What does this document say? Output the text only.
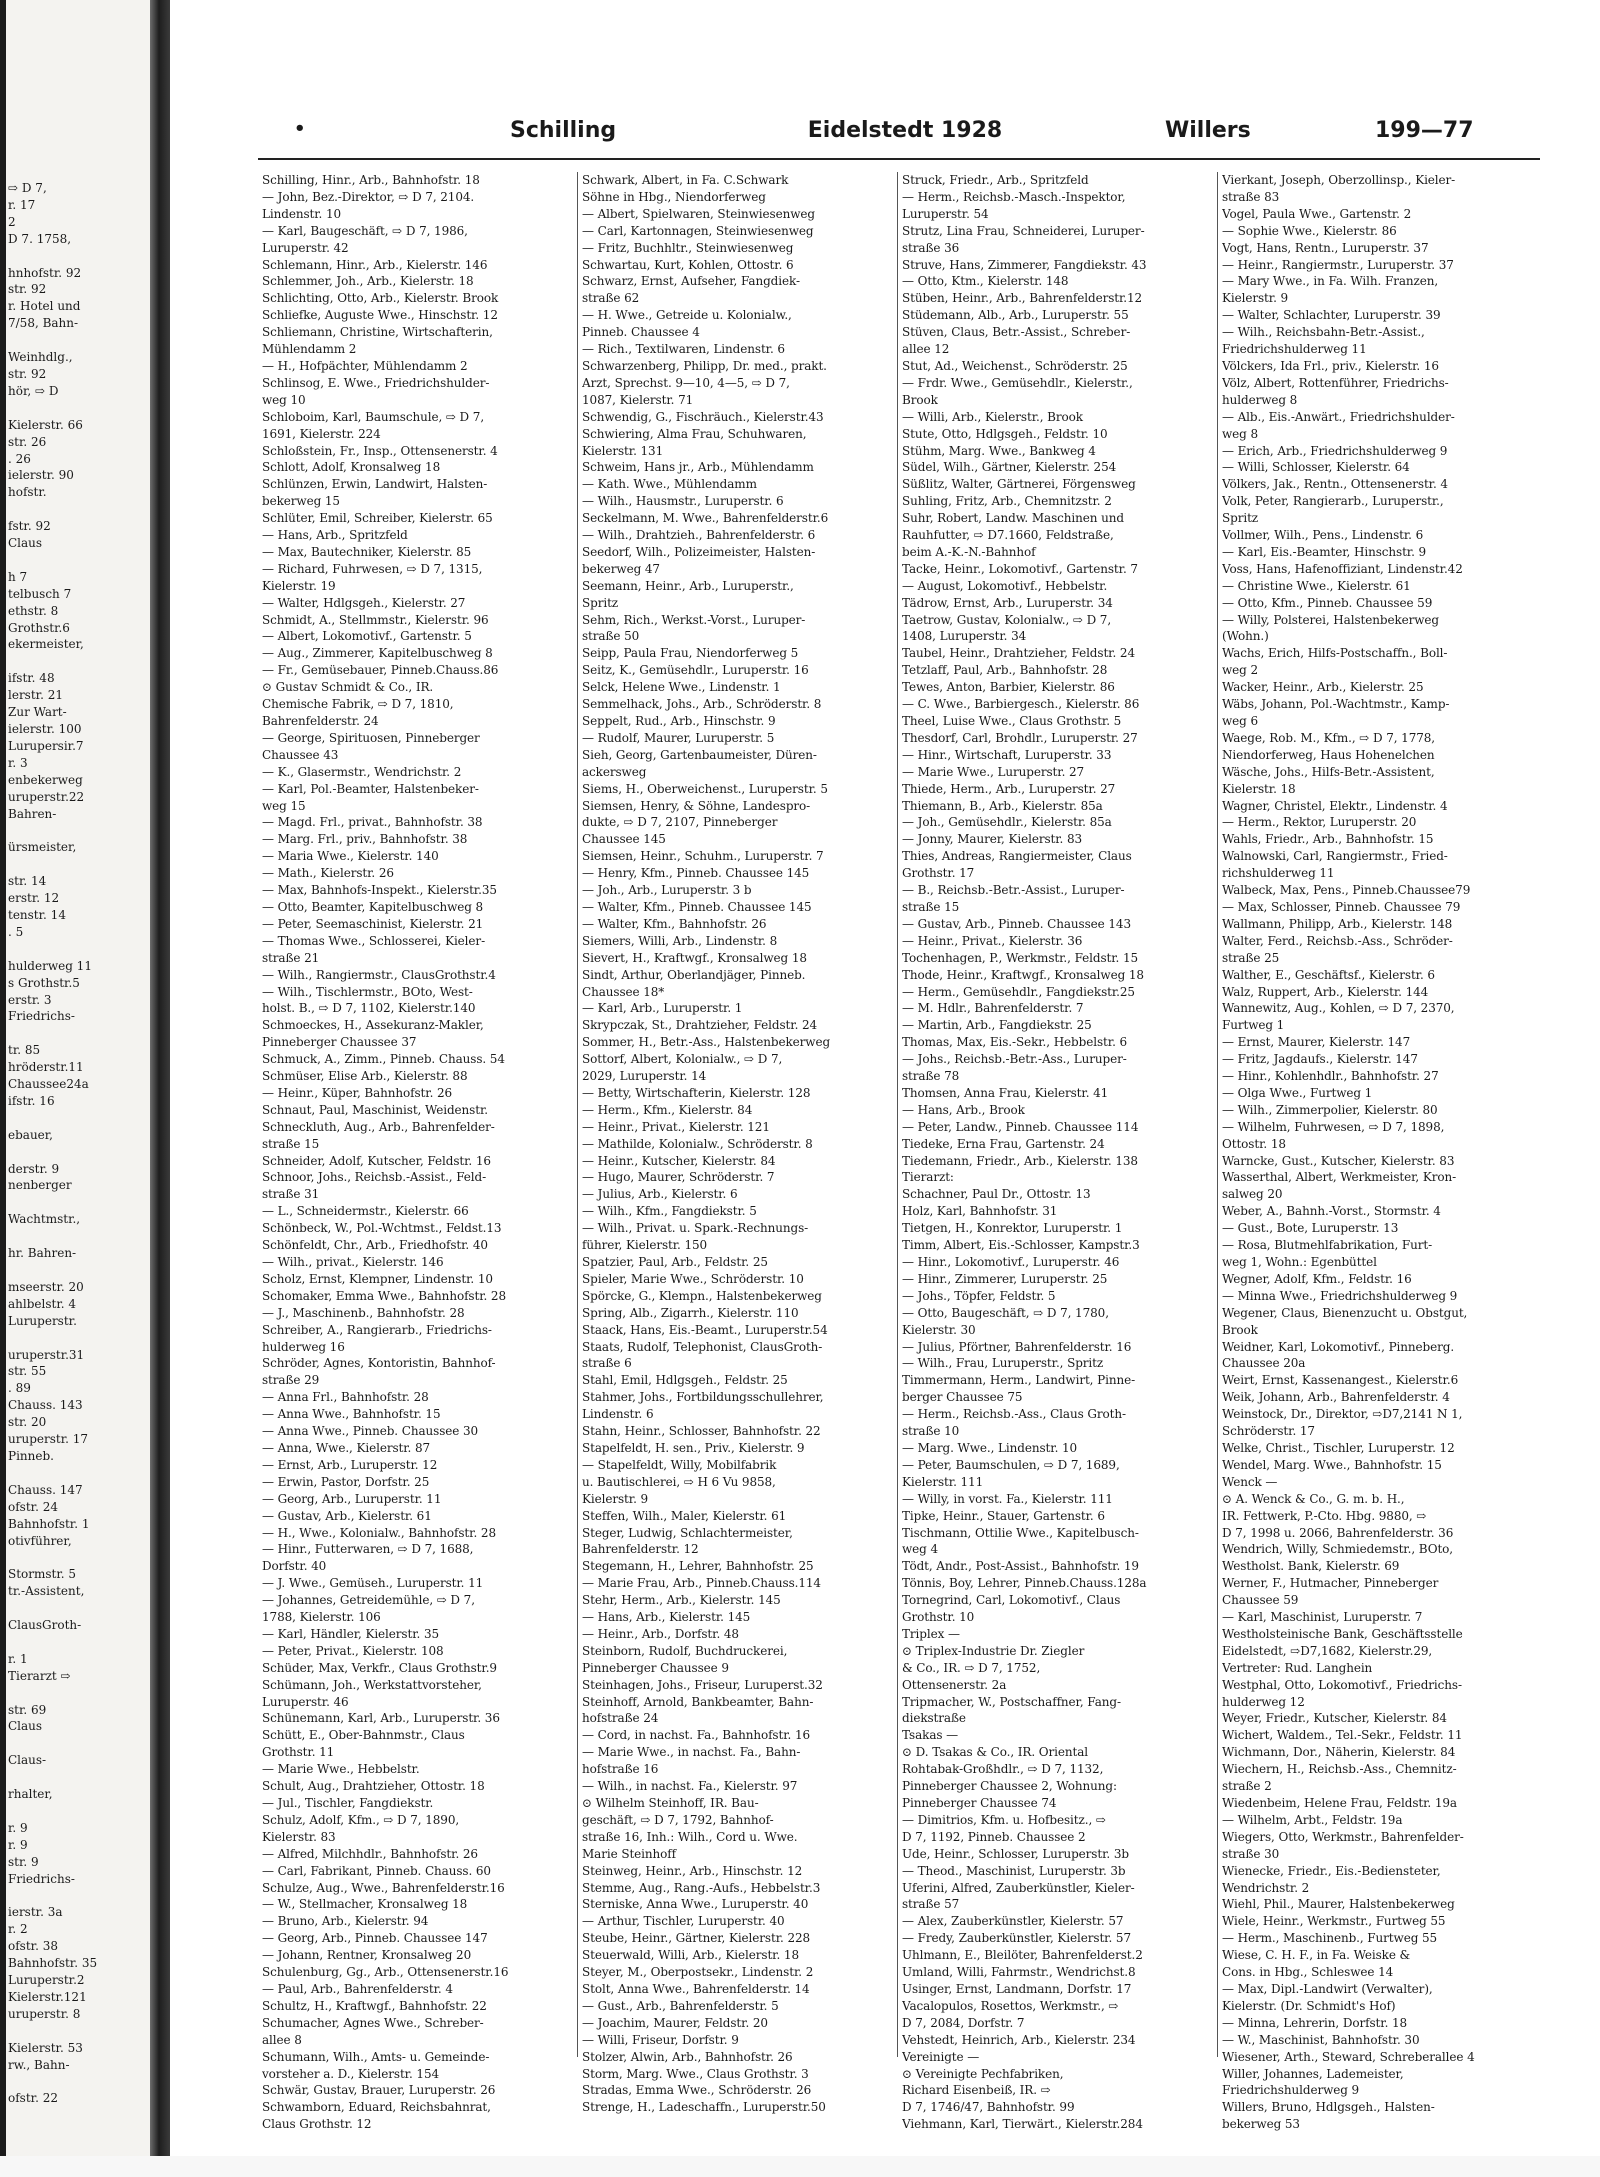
⇨ D 7,
r. 17
2
D 7. 1758,

hnhofstr. 92
str. 92
r. Hotel und
7/58, Bahn-

Weinhdlg.,
str. 92
hör, ⇨ D

Kielerstr. 66
str. 26
. 26
ielerstr. 90
hofstr.

fstr. 92
Claus

h 7
telbusch 7
ethstr. 8
Grothstr.6
ekermeister,

ifstr. 48
lerstr. 21
Zur Wart-
ielerstr. 100
Lurupersir.7
r. 3
enbekerweg
uruperstr.22
Bahren-

ürsmeister,

str. 14
erstr. 12
tenstr. 14
. 5

hulderweg 11
s Grothstr.5
erstr. 3
Friedrichs-

tr. 85
hröderstr.11
Chaussee24a
ifstr. 16

ebauer,

derstr. 9
nenberger

Wachtmstr.,

hr. Bahren-

mseerstr. 20
ahlbelstr. 4
Luruperstr.

uruperstr.31
str. 55
. 89
Chauss. 143
str. 20
uruperstr. 17
Pinneb.

Chauss. 147
ofstr. 24
Bahnhofstr. 1
otivführer,

Stormstr. 5
tr.-Assistent,

ClausGroth-

r. 1
Tierarzt ⇨

str. 69
Claus

Claus-

rhalter,

r. 9
r. 9
str. 9
Friedrichs-

ierstr. 3a
r. 2
ofstr. 38
Bahnhofstr. 35
Luruperstr.2
Kielerstr.121
uruperstr. 8

Kielerstr. 53
rw., Bahn-

ofstr. 22
•	Schilling	Eidelstedt 1928	Willers	199—77
Schilling, Hinr., Arb., Bahnhofstr. 18
— John, Bez.-Direktor, ⇨ D 7, 2104.
Lindenstr. 10
— Karl, Baugeschäft, ⇨ D 7, 1986,
Luruperstr. 42
Schlemann, Hinr., Arb., Kielerstr. 146
Schlemmer, Joh., Arb., Kielerstr. 18
Schlichting, Otto, Arb., Kielerstr. Brook
Schliefke, Auguste Wwe., Hinschstr. 12
Schliemann, Christine, Wirtschafterin,
Mühlendamm 2
— H., Hofpächter, Mühlendamm 2
Schlinsog, E. Wwe., Friedrichshulder-
weg 10
Schloboim, Karl, Baumschule, ⇨ D 7,
1691, Kielerstr. 224
Schloßstein, Fr., Insp., Ottensenerstr. 4
Schlott, Adolf, Kronsalweg 18
Schlünzen, Erwin, Landwirt, Halsten-
bekerweg 15
Schlüter, Emil, Schreiber, Kielerstr. 65
— Hans, Arb., Spritzfeld
— Max, Bautechniker, Kielerstr. 85
— Richard, Fuhrwesen, ⇨ D 7, 1315,
Kielerstr. 19
— Walter, Hdlgsgeh., Kielerstr. 27
Schmidt, A., Stellmmstr., Kielerstr. 96
— Albert, Lokomotivf., Gartenstr. 5
— Aug., Zimmerer, Kapitelbuschweg 8
— Fr., Gemüsebauer, Pinneb.Chauss.86
⊙ Gustav Schmidt & Co., IR.
Chemische Fabrik, ⇨ D 7, 1810,
Bahrenfelderstr. 24
— George, Spirituosen, Pinneberger
Chaussee 43
— K., Glasermstr., Wendrichstr. 2
— Karl, Pol.-Beamter, Halstenbeker-
weg 15
— Magd. Frl., privat., Bahnhofstr. 38
— Marg. Frl., priv., Bahnhofstr. 38
— Maria Wwe., Kielerstr. 140
— Math., Kielerstr. 26
— Max, Bahnhofs-Inspekt., Kielerstr.35
— Otto, Beamter, Kapitelbuschweg 8
— Peter, Seemaschinist, Kielerstr. 21
— Thomas Wwe., Schlosserei, Kieler-
straße 21
— Wilh., Rangiermstr., ClausGrothstr.4
— Wilh., Tischlermstr., BOto, West-
holst. B., ⇨ D 7, 1102, Kielerstr.140
Schmoeckes, H., Assekuranz-Makler,
Pinneberger Chaussee 37
Schmuck, A., Zimm., Pinneb. Chauss. 54
Schmüser, Elise Arb., Kielerstr. 88
— Heinr., Küper, Bahnhofstr. 26
Schnaut, Paul, Maschinist, Weidenstr.
Schneckluth, Aug., Arb., Bahrenfelder-
straße 15
Schneider, Adolf, Kutscher, Feldstr. 16
Schnoor, Johs., Reichsb.-Assist., Feld-
straße 31
— L., Schneidermstr., Kielerstr. 66
Schönbeck, W., Pol.-Wchtmst., Feldst.13
Schönfeldt, Chr., Arb., Friedhofstr. 40
— Wilh., privat., Kielerstr. 146
Scholz, Ernst, Klempner, Lindenstr. 10
Schomaker, Emma Wwe., Bahnhofstr. 28
— J., Maschinenb., Bahnhofstr. 28
Schreiber, A., Rangierarb., Friedrichs-
hulderweg 16
Schröder, Agnes, Kontoristin, Bahnhof-
straße 29
— Anna Frl., Bahnhofstr. 28
— Anna Wwe., Bahnhofstr. 15
— Anna Wwe., Pinneb. Chaussee 30
— Anna, Wwe., Kielerstr. 87
— Ernst, Arb., Luruperstr. 12
— Erwin, Pastor, Dorfstr. 25
— Georg, Arb., Luruperstr. 11
— Gustav, Arb., Kielerstr. 61
— H., Wwe., Kolonialw., Bahnhofstr. 28
— Hinr., Futterwaren, ⇨ D 7, 1688,
Dorfstr. 40
— J. Wwe., Gemüseh., Luruperstr. 11
— Johannes, Getreidemühle, ⇨ D 7,
1788, Kielerstr. 106
— Karl, Händler, Kielerstr. 35
— Peter, Privat., Kielerstr. 108
Schüder, Max, Verkfr., Claus Grothstr.9
Schümann, Joh., Werkstattvorsteher,
Luruperstr. 46
Schünemann, Karl, Arb., Luruperstr. 36
Schütt, E., Ober-Bahnmstr., Claus
Grothstr. 11
— Marie Wwe., Hebbelstr.
Schult, Aug., Drahtzieher, Ottostr. 18
— Jul., Tischler, Fangdiekstr.
Schulz, Adolf, Kfm., ⇨ D 7, 1890,
Kielerstr. 83
— Alfred, Milchhdlr., Bahnhofstr. 26
— Carl, Fabrikant, Pinneb. Chauss. 60
Schulze, Aug., Wwe., Bahrenfelderstr.16
— W., Stellmacher, Kronsalweg 18
— Bruno, Arb., Kielerstr. 94
— Georg, Arb., Pinneb. Chaussee 147
— Johann, Rentner, Kronsalweg 20
Schulenburg, Gg., Arb., Ottensenerstr.16
— Paul, Arb., Bahrenfelderstr. 4
Schultz, H., Kraftwgf., Bahnhofstr. 22
Schumacher, Agnes Wwe., Schreber-
allee 8
Schumann, Wilh., Amts- u. Gemeinde-
vorsteher a. D., Kielerstr. 154
Schwär, Gustav, Brauer, Luruperstr. 26
Schwamborn, Eduard, Reichsbahnrat,
Claus Grothstr. 12
Schwark, Albert, in Fa. C.Schwark
Söhne in Hbg., Niendorferweg
— Albert, Spielwaren, Steinwiesenweg
— Carl, Kartonnagen, Steinwiesenweg
— Fritz, Buchhltr., Steinwiesenweg
Schwartau, Kurt, Kohlen, Ottostr. 6
Schwarz, Ernst, Aufseher, Fangdiek-
straße 62
— H. Wwe., Getreide u. Kolonialw.,
Pinneb. Chaussee 4
— Rich., Textilwaren, Lindenstr. 6
Schwarzenberg, Philipp, Dr. med., prakt.
Arzt, Sprechst. 9—10, 4—5, ⇨ D 7,
1087, Kielerstr. 71
Schwendig, G., Fischräuch., Kielerstr.43
Schwiering, Alma Frau, Schuhwaren,
Kielerstr. 131
Schweim, Hans jr., Arb., Mühlendamm
— Kath. Wwe., Mühlendamm
— Wilh., Hausmstr., Luruperstr. 6
Seckelmann, M. Wwe., Bahrenfelderstr.6
— Wilh., Drahtzieh., Bahrenfelderstr. 6
Seedorf, Wilh., Polizeimeister, Halsten-
bekerweg 47
Seemann, Heinr., Arb., Luruperstr.,
Spritz
Sehm, Rich., Werkst.-Vorst., Luruper-
straße 50
Seipp, Paula Frau, Niendorferweg 5
Seitz, K., Gemüsehdlr., Luruperstr. 16
Selck, Helene Wwe., Lindenstr. 1
Semmelhack, Johs., Arb., Schröderstr. 8
Seppelt, Rud., Arb., Hinschstr. 9
— Rudolf, Maurer, Luruperstr. 5
Sieh, Georg, Gartenbaumeister, Düren-
ackersweg
Siems, H., Oberweichenst., Luruperstr. 5
Siemsen, Henry, & Söhne, Landespro-
dukte, ⇨ D 7, 2107, Pinneberger
Chaussee 145
Siemsen, Heinr., Schuhm., Luruperstr. 7
— Henry, Kfm., Pinneb. Chaussee 145
— Joh., Arb., Luruperstr. 3 b
— Walter, Kfm., Pinneb. Chaussee 145
— Walter, Kfm., Bahnhofstr. 26
Siemers, Willi, Arb., Lindenstr. 8
Sievert, H., Kraftwgf., Kronsalweg 18
Sindt, Arthur, Oberlandjäger, Pinneb.
Chaussee 18*
— Karl, Arb., Luruperstr. 1
Skrypczak, St., Drahtzieher, Feldstr. 24
Sommer, H., Betr.-Ass., Halstenbekerweg
Sottorf, Albert, Kolonialw., ⇨ D 7,
2029, Luruperstr. 14
— Betty, Wirtschafterin, Kielerstr. 128
— Herm., Kfm., Kielerstr. 84
— Heinr., Privat., Kielerstr. 121
— Mathilde, Kolonialw., Schröderstr. 8
— Heinr., Kutscher, Kielerstr. 84
— Hugo, Maurer, Schröderstr. 7
— Julius, Arb., Kielerstr. 6
— Wilh., Kfm., Fangdiekstr. 5
— Wilh., Privat. u. Spark.-Rechnungs-
führer, Kielerstr. 150
Spatzier, Paul, Arb., Feldstr. 25
Spieler, Marie Wwe., Schröderstr. 10
Spörcke, G., Klempn., Halstenbekerweg
Spring, Alb., Zigarrh., Kielerstr. 110
Staack, Hans, Eis.-Beamt., Luruperstr.54
Staats, Rudolf, Telephonist, ClausGroth-
straße 6
Stahl, Emil, Hdlgsgeh., Feldstr. 25
Stahmer, Johs., Fortbildungsschullehrer,
Lindenstr. 6
Stahn, Heinr., Schlosser, Bahnhofstr. 22
Stapelfeldt, H. sen., Priv., Kielerstr. 9
— Stapelfeldt, Willy, Mobilfabrik
u. Bautischlerei, ⇨ H 6 Vu 9858,
Kielerstr. 9
Steffen, Wilh., Maler, Kielerstr. 61
Steger, Ludwig, Schlachtermeister,
Bahrenfelderstr. 12
Stegemann, H., Lehrer, Bahnhofstr. 25
— Marie Frau, Arb., Pinneb.Chauss.114
Stehr, Herm., Arb., Kielerstr. 145
— Hans, Arb., Kielerstr. 145
— Heinr., Arb., Dorfstr. 48
Steinborn, Rudolf, Buchdruckerei,
Pinneberger Chaussee 9
Steinhagen, Johs., Friseur, Luruperst.32
Steinhoff, Arnold, Bankbeamter, Bahn-
hofstraße 24
— Cord, in nachst. Fa., Bahnhofstr. 16
— Marie Wwe., in nachst. Fa., Bahn-
hofstraße 16
— Wilh., in nachst. Fa., Kielerstr. 97
⊙ Wilhelm Steinhoff, IR. Bau-
geschäft, ⇨ D 7, 1792, Bahnhof-
straße 16, Inh.: Wilh., Cord u. Wwe.
Marie Steinhoff
Steinweg, Heinr., Arb., Hinschstr. 12
Stemme, Aug., Rang.-Aufs., Hebbelstr.3
Sterniske, Anna Wwe., Luruperstr. 40
— Arthur, Tischler, Luruperstr. 40
Steube, Heinr., Gärtner, Kielerstr. 228
Steuerwald, Willi, Arb., Kielerstr. 18
Steyer, M., Oberpostsekr., Lindenstr. 2
Stolt, Anna Wwe., Bahrenfelderstr. 14
— Gust., Arb., Bahrenfelderstr. 5
— Joachim, Maurer, Feldstr. 20
— Willi, Friseur, Dorfstr. 9
Stolzer, Alwin, Arb., Bahnhofstr. 26
Storm, Marg. Wwe., Claus Grothstr. 3
Stradas, Emma Wwe., Schröderstr. 26
Strenge, H., Ladeschaffn., Luruperstr.50
Struck, Friedr., Arb., Spritzfeld
— Herm., Reichsb.-Masch.-Inspektor,
Luruperstr. 54
Strutz, Lina Frau, Schneiderei, Luruper-
straße 36
Struve, Hans, Zimmerer, Fangdiekstr. 43
— Otto, Ktm., Kielerstr. 148
Stüben, Heinr., Arb., Bahrenfelderstr.12
Stüdemann, Alb., Arb., Luruperstr. 55
Stüven, Claus, Betr.-Assist., Schreber-
allee 12
Stut, Ad., Weichenst., Schröderstr. 25
— Frdr. Wwe., Gemüsehdlr., Kielerstr.,
Brook
— Willi, Arb., Kielerstr., Brook
Stute, Otto, Hdlgsgeh., Feldstr. 10
Stühm, Marg. Wwe., Bankweg 4
Südel, Wilh., Gärtner, Kielerstr. 254
Süßlitz, Walter, Gärtnerei, Förgensweg
Suhling, Fritz, Arb., Chemnitzstr. 2
Suhr, Robert, Landw. Maschinen und
Rauhfutter, ⇨ D7.1660, Feldstraße,
beim A.-K.-N.-Bahnhof
Tacke, Heinr., Lokomotivf., Gartenstr. 7
— August, Lokomotivf., Hebbelstr.
Tädrow, Ernst, Arb., Luruperstr. 34
Taetrow, Gustav, Kolonialw., ⇨ D 7,
1408, Luruperstr. 34
Taubel, Heinr., Drahtzieher, Feldstr. 24
Tetzlaff, Paul, Arb., Bahnhofstr. 28
Tewes, Anton, Barbier, Kielerstr. 86
— C. Wwe., Barbiergesch., Kielerstr. 86
Theel, Luise Wwe., Claus Grothstr. 5
Thesdorf, Carl, Brohdlr., Luruperstr. 27
— Hinr., Wirtschaft, Luruperstr. 33
— Marie Wwe., Luruperstr. 27
Thiede, Herm., Arb., Luruperstr. 27
Thiemann, B., Arb., Kielerstr. 85a
— Joh., Gemüsehdlr., Kielerstr. 85a
— Jonny, Maurer, Kielerstr. 83
Thies, Andreas, Rangiermeister, Claus
Grothstr. 17
— B., Reichsb.-Betr.-Assist., Luruper-
straße 15
— Gustav, Arb., Pinneb. Chaussee 143
— Heinr., Privat., Kielerstr. 36
Tochenhagen, P., Werkmstr., Feldstr. 15
Thode, Heinr., Kraftwgf., Kronsalweg 18
— Herm., Gemüsehdlr., Fangdiekstr.25
— M. Hdlr., Bahrenfelderstr. 7
— Martin, Arb., Fangdiekstr. 25
Thomas, Max, Eis.-Sekr., Hebbelstr. 6
— Johs., Reichsb.-Betr.-Ass., Luruper-
straße 78
Thomsen, Anna Frau, Kielerstr. 41
— Hans, Arb., Brook
— Peter, Landw., Pinneb. Chaussee 114
Tiedeke, Erna Frau, Gartenstr. 24
Tiedemann, Friedr., Arb., Kielerstr. 138
Tierarzt:
Schachner, Paul Dr., Ottostr. 13
Holz, Karl, Bahnhofstr. 31
Tietgen, H., Konrektor, Luruperstr. 1
Timm, Albert, Eis.-Schlosser, Kampstr.3
— Hinr., Lokomotivf., Luruperstr. 46
— Hinr., Zimmerer, Luruperstr. 25
— Johs., Töpfer, Feldstr. 5
— Otto, Baugeschäft, ⇨ D 7, 1780,
Kielerstr. 30
— Julius, Pförtner, Bahrenfelderstr. 16
— Wilh., Frau, Luruperstr., Spritz
Timmermann, Herm., Landwirt, Pinne-
berger Chaussee 75
— Herm., Reichsb.-Ass., Claus Groth-
straße 10
— Marg. Wwe., Lindenstr. 10
— Peter, Baumschulen, ⇨ D 7, 1689,
Kielerstr. 111
— Willy, in vorst. Fa., Kielerstr. 111
Tipke, Heinr., Stauer, Gartenstr. 6
Tischmann, Ottilie Wwe., Kapitelbusch-
weg 4
Tödt, Andr., Post-Assist., Bahnhofstr. 19
Tönnis, Boy, Lehrer, Pinneb.Chauss.128a
Tornegrind, Carl, Lokomotivf., Claus
Grothstr. 10
Triplex —
⊙ Triplex-Industrie Dr. Ziegler
& Co., IR. ⇨ D 7, 1752,
Ottensenerstr. 2a
Tripmacher, W., Postschaffner, Fang-
diekstraße
Tsakas —
⊙ D. Tsakas & Co., IR. Oriental
Rohtabak-Großhdlr., ⇨ D 7, 1132,
Pinneberger Chaussee 2, Wohnung:
Pinneberger Chaussee 74
— Dimitrios, Kfm. u. Hofbesitz., ⇨
D 7, 1192, Pinneb. Chaussee 2
Ude, Heinr., Schlosser, Luruperstr. 3b
— Theod., Maschinist, Luruperstr. 3b
Uferini, Alfred, Zauberkünstler, Kieler-
straße 57
— Alex, Zauberkünstler, Kielerstr. 57
— Fredy, Zauberkünstler, Kielerstr. 57
Uhlmann, E., Bleilöter, Bahrenfelderst.2
Umland, Willi, Fahrmstr., Wendrichst.8
Usinger, Ernst, Landmann, Dorfstr. 17
Vacalopulos, Rosettos, Werkmstr., ⇨
D 7, 2084, Dorfstr. 7
Vehstedt, Heinrich, Arb., Kielerstr. 234
Vereinigte —
⊙ Vereinigte Pechfabriken,
Richard Eisenbeiß, IR. ⇨
D 7, 1746/47, Bahnhofstr. 99
Viehmann, Karl, Tierwärt., Kielerstr.284
Vierkant, Joseph, Oberzollinsp., Kieler-
straße 83
Vogel, Paula Wwe., Gartenstr. 2
— Sophie Wwe., Kielerstr. 86
Vogt, Hans, Rentn., Luruperstr. 37
— Heinr., Rangiermstr., Luruperstr. 37
— Mary Wwe., in Fa. Wilh. Franzen,
Kielerstr. 9
— Walter, Schlachter, Luruperstr. 39
— Wilh., Reichsbahn-Betr.-Assist.,
Friedrichshulderweg 11
Völckers, Ida Frl., priv., Kielerstr. 16
Völz, Albert, Rottenführer, Friedrichs-
hulderweg 8
— Alb., Eis.-Anwärt., Friedrichshulder-
weg 8
— Erich, Arb., Friedrichshulderweg 9
— Willi, Schlosser, Kielerstr. 64
Völkers, Jak., Rentn., Ottensenerstr. 4
Volk, Peter, Rangierarb., Luruperstr.,
Spritz
Vollmer, Wilh., Pens., Lindenstr. 6
— Karl, Eis.-Beamter, Hinschstr. 9
Voss, Hans, Hafenoffiziant, Lindenstr.42
— Christine Wwe., Kielerstr. 61
— Otto, Kfm., Pinneb. Chaussee 59
— Willy, Polsterei, Halstenbekerweg
(Wohn.)
Wachs, Erich, Hilfs-Postschaffn., Boll-
weg 2
Wacker, Heinr., Arb., Kielerstr. 25
Wäbs, Johann, Pol.-Wachtmstr., Kamp-
weg 6
Waege, Rob. M., Kfm., ⇨ D 7, 1778,
Niendorferweg, Haus Hohenelchen
Wäsche, Johs., Hilfs-Betr.-Assistent,
Kielerstr. 18
Wagner, Christel, Elektr., Lindenstr. 4
— Herm., Rektor, Luruperstr. 20
Wahls, Friedr., Arb., Bahnhofstr. 15
Walnowski, Carl, Rangiermstr., Fried-
richshulderweg 11
Walbeck, Max, Pens., Pinneb.Chaussee79
— Max, Schlosser, Pinneb. Chaussee 79
Wallmann, Philipp, Arb., Kielerstr. 148
Walter, Ferd., Reichsb.-Ass., Schröder-
straße 25
Walther, E., Geschäftsf., Kielerstr. 6
Walz, Ruppert, Arb., Kielerstr. 144
Wannewitz, Aug., Kohlen, ⇨ D 7, 2370,
Furtweg 1
— Ernst, Maurer, Kielerstr. 147
— Fritz, Jagdaufs., Kielerstr. 147
— Hinr., Kohlenhdlr., Bahnhofstr. 27
— Olga Wwe., Furtweg 1
— Wilh., Zimmerpolier, Kielerstr. 80
— Wilhelm, Fuhrwesen, ⇨ D 7, 1898,
Ottostr. 18
Warncke, Gust., Kutscher, Kielerstr. 83
Wasserthal, Albert, Werkmeister, Kron-
salweg 20
Weber, A., Bahnh.-Vorst., Stormstr. 4
— Gust., Bote, Luruperstr. 13
— Rosa, Blutmehlfabrikation, Furt-
weg 1, Wohn.: Egenbüttel
Wegner, Adolf, Kfm., Feldstr. 16
— Minna Wwe., Friedrichshulderweg 9
Wegener, Claus, Bienenzucht u. Obstgut,
Brook
Weidner, Karl, Lokomotivf., Pinneberg.
Chaussee 20a
Weirt, Ernst, Kassenangest., Kielerstr.6
Weik, Johann, Arb., Bahrenfelderstr. 4
Weinstock, Dr., Direktor, ⇨D7,2141 N 1,
Schröderstr. 17
Welke, Christ., Tischler, Luruperstr. 12
Wendel, Marg. Wwe., Bahnhofstr. 15
Wenck —
⊙ A. Wenck & Co., G. m. b. H.,
IR. Fettwerk, P.-Cto. Hbg. 9880, ⇨
D 7, 1998 u. 2066, Bahrenfelderstr. 36
Wendrich, Willy, Schmiedemstr., BOto,
Westholst. Bank, Kielerstr. 69
Werner, F., Hutmacher, Pinneberger
Chaussee 59
— Karl, Maschinist, Luruperstr. 7
Westholsteinische Bank, Geschäftsstelle
Eidelstedt, ⇨D7,1682, Kielerstr.29,
Vertreter: Rud. Langhein
Westphal, Otto, Lokomotivf., Friedrichs-
hulderweg 12
Weyer, Friedr., Kutscher, Kielerstr. 84
Wichert, Waldem., Tel.-Sekr., Feldstr. 11
Wichmann, Dor., Näherin, Kielerstr. 84
Wiechern, H., Reichsb.-Ass., Chemnitz-
straße 2
Wiedenbeim, Helene Frau, Feldstr. 19a
— Wilhelm, Arbt., Feldstr. 19a
Wiegers, Otto, Werkmstr., Bahrenfelder-
straße 30
Wienecke, Friedr., Eis.-Bediensteter,
Wendrichstr. 2
Wiehl, Phil., Maurer, Halstenbekerweg
Wiele, Heinr., Werkmstr., Furtweg 55
— Herm., Maschinenb., Furtweg 55
Wiese, C. H. F., in Fa. Weiske &
Cons. in Hbg., Schleswee 14
— Max, Dipl.-Landwirt (Verwalter),
Kielerstr. (Dr. Schmidt's Hof)
— Minna, Lehrerin, Dorfstr. 18
— W., Maschinist, Bahnhofstr. 30
Wiesener, Arth., Steward, Schreberallee 4
Willer, Johannes, Lademeister,
Friedrichshulderweg 9
Willers, Bruno, Hdlgsgeh., Halsten-
bekerweg 53
